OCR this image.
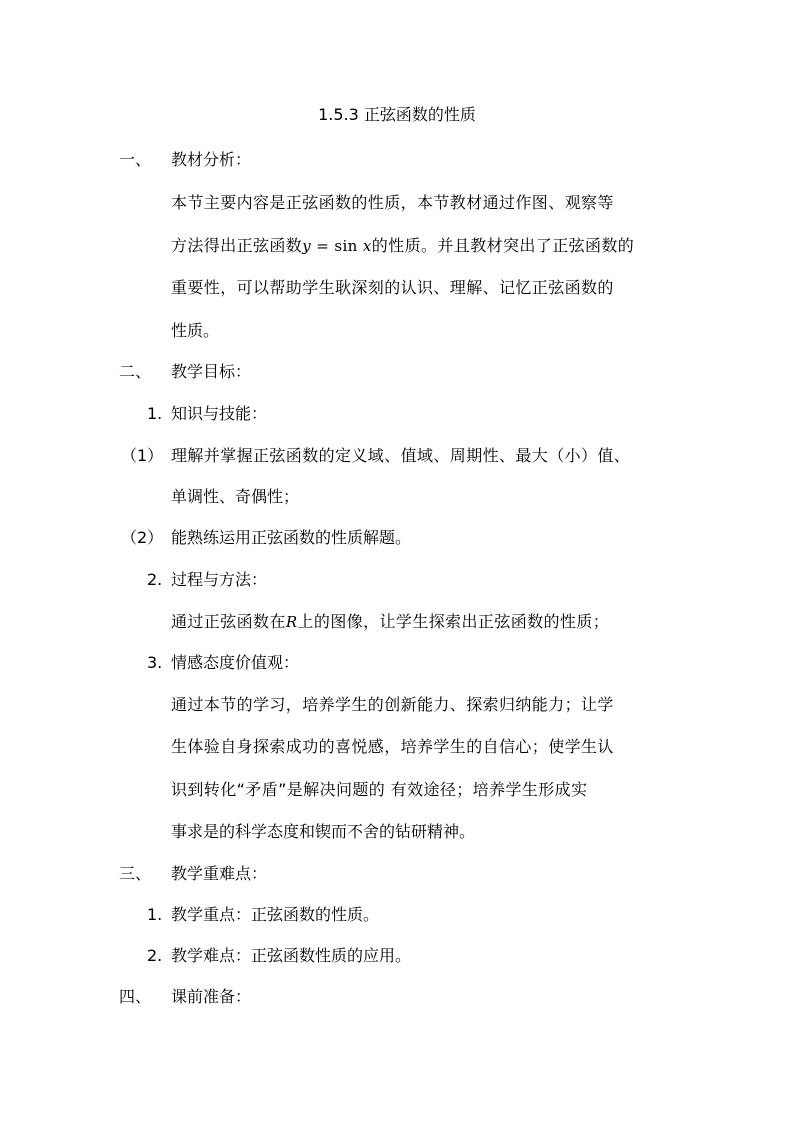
1.5.3 正弦函数的性质
一、 教材分析：
本节主要内容是正弦函数的性质，本节教材通过作图、观察等
方法得出正弦函数y = sin x的性质。并且教材突出了正弦函数的
重要性，可以帮助学生耿深刻的认识、理解、记忆正弦函数的
性质。
二、 教学目标：
1. 知识与技能：
（1） 理解并掌握正弦函数的定义域、值域、周期性、最大（小）值、
单调性、奇偶性；
（2） 能熟练运用正弦函数的性质解题。
2. 过程与方法：
通过正弦函数在R上的图像，让学生探索出正弦函数的性质；
3. 情感态度价值观：
通过本节的学习，培养学生的创新能力、探索归纳能力；让学
生体验自身探索成功的喜悦感，培养学生的自信心；使学生认
识到转化“矛盾”是解决问题的 有效途径；培养学生形成实
事求是的科学态度和锲而不舍的钻研精神。
三、 教学重难点：
1. 教学重点：正弦函数的性质。
2. 教学难点：正弦函数性质的应用。
四、 课前准备：
